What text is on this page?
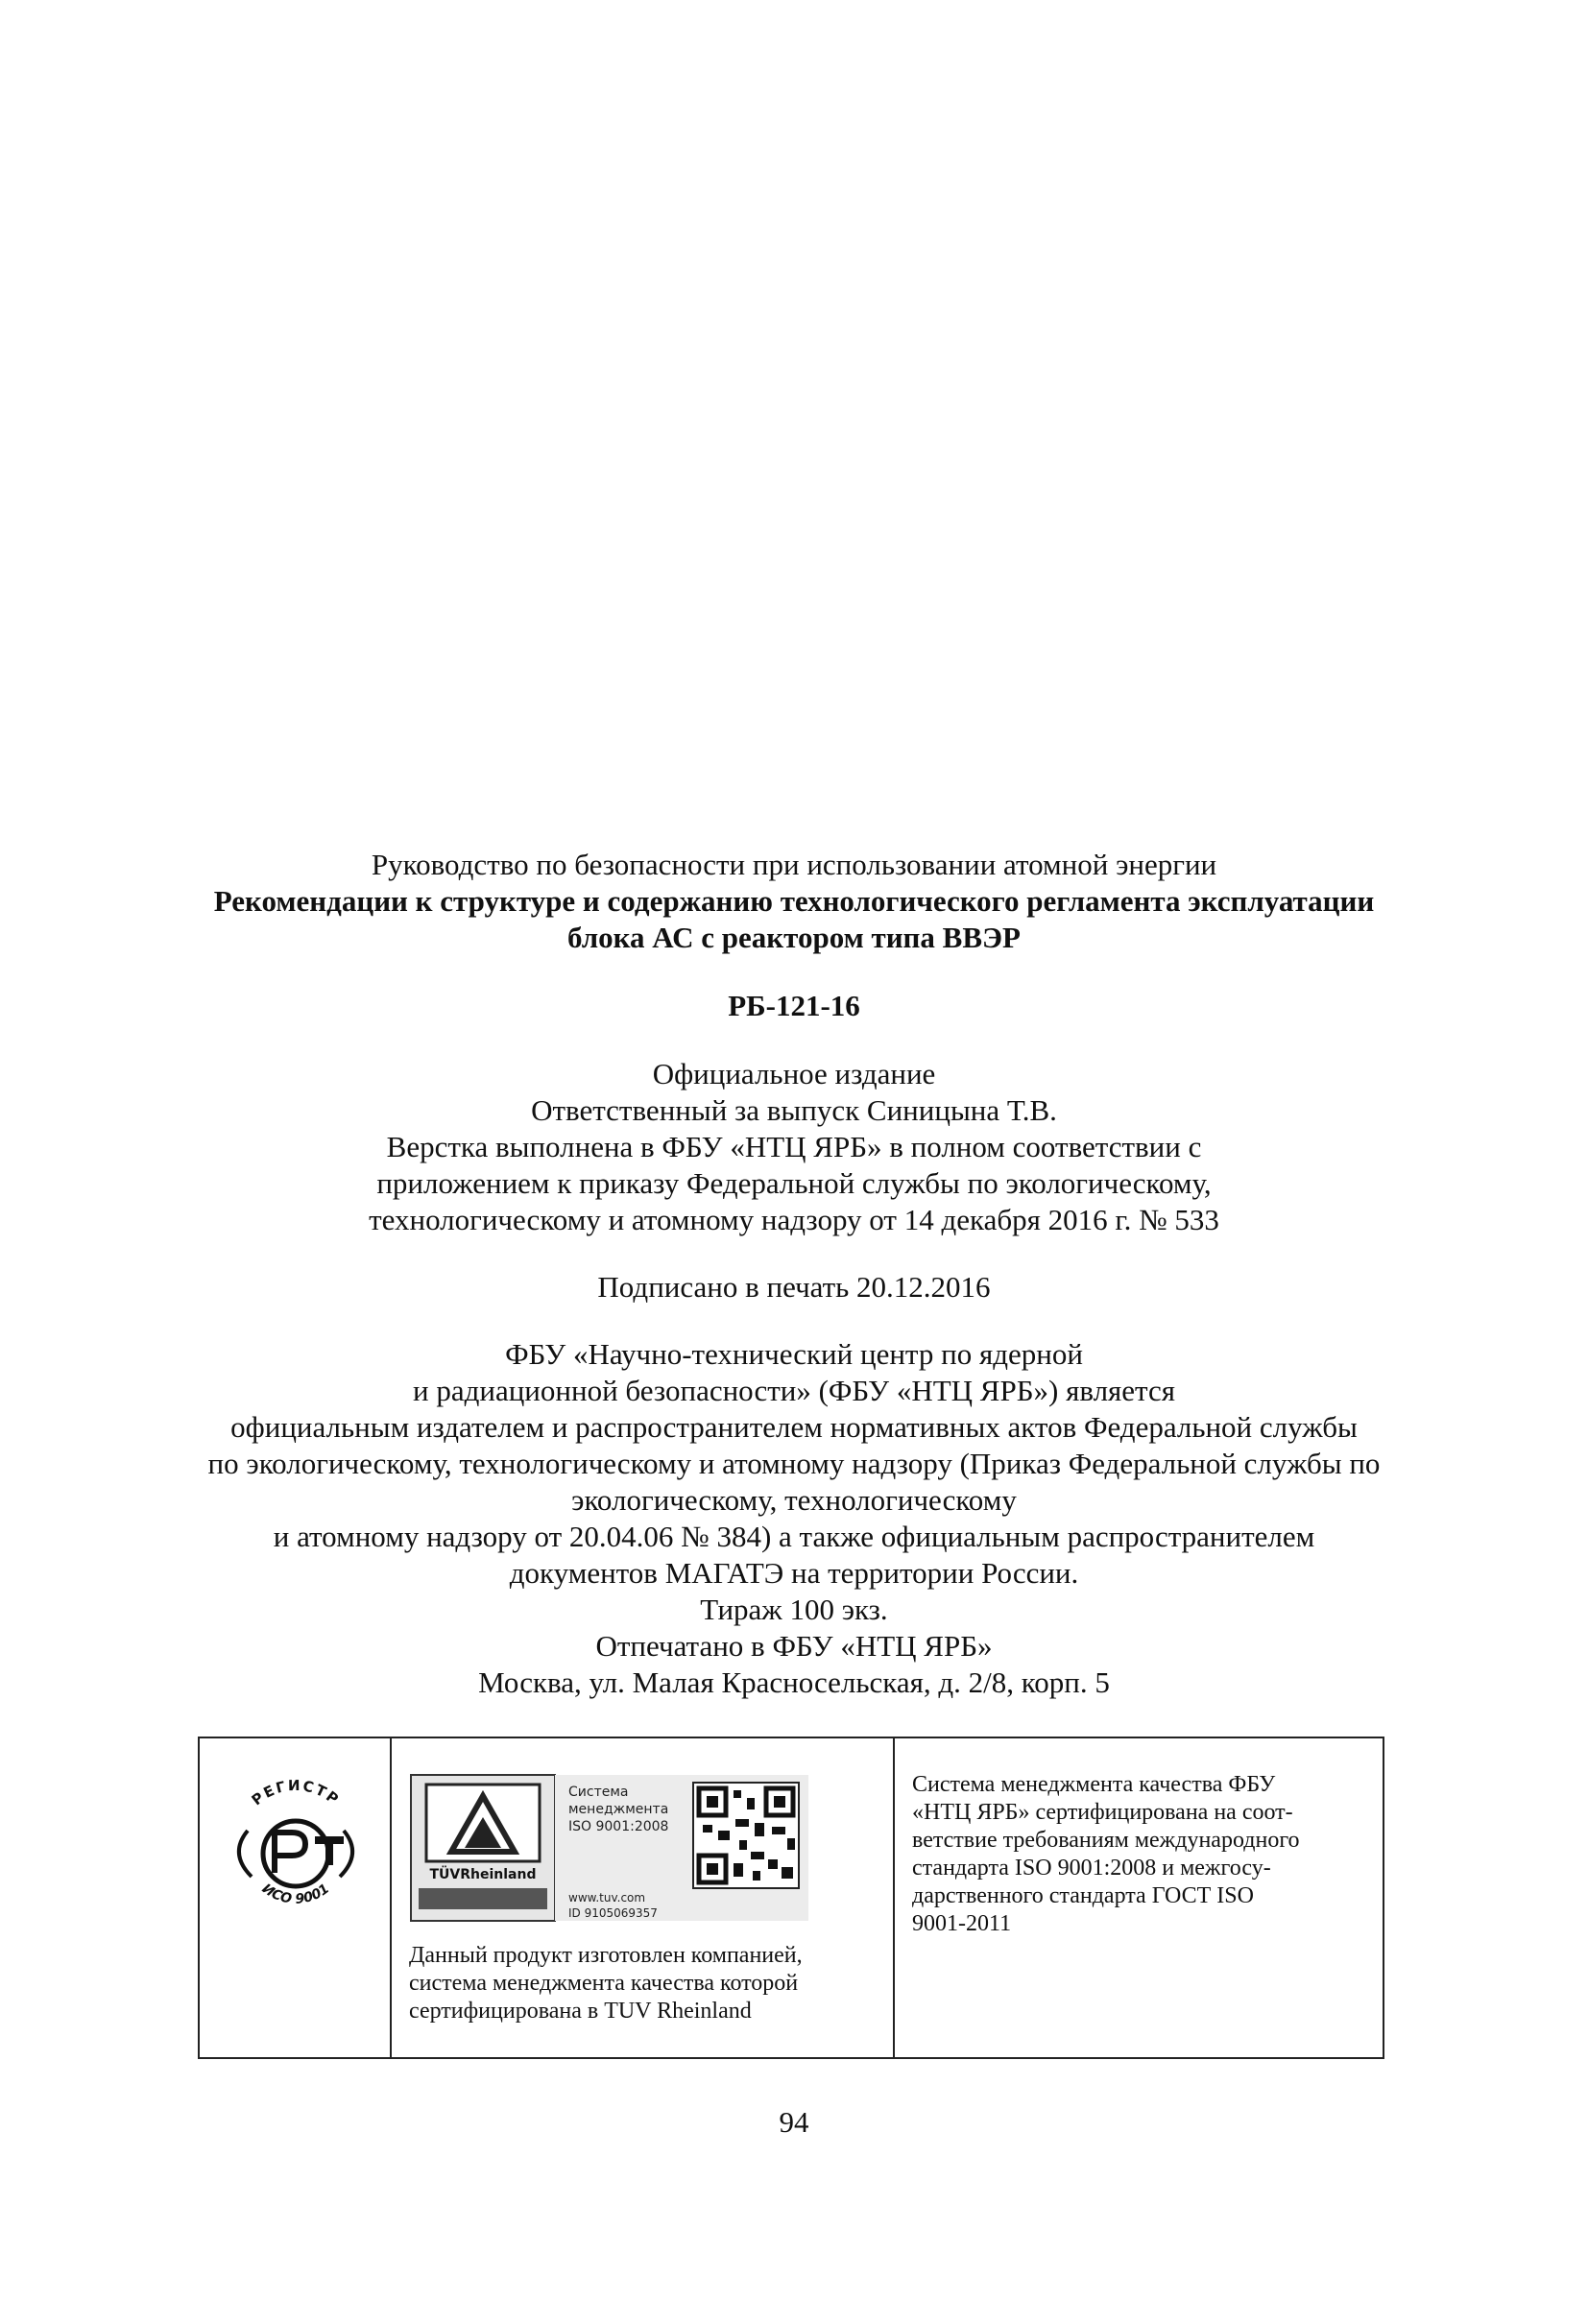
Руководство по безопасности при использовании атомной энергии
Рекомендации к структуре и содержанию технологического регламента эксплуатации
блока АС с реактором типа ВВЭР
РБ-121-16
Официальное издание
Ответственный за выпуск Синицына Т.В.
Верстка выполнена в ФБУ «НТЦ ЯРБ» в полном соответствии с
приложением к приказу Федеральной службы по экологическому,
технологическому и атомному надзору от 14 декабря 2016 г. № 533
Подписано в печать 20.12.2016
ФБУ «Научно-технический центр по ядерной
и радиационной безопасности» (ФБУ «НТЦ ЯРБ») является
официальным издателем и распространителем нормативных актов Федеральной службы
по экологическому, технологическому и атомному надзору (Приказ Федеральной службы по
экологическому, технологическому
и атомному надзору от 20.04.06 № 384) а также официальным распространителем
документов МАГАТЭ на территории России.
Тираж 100 экз.
Отпечатано в ФБУ «НТЦ ЯРБ»
Москва, ул. Малая Красносельская, д. 2/8, корп. 5
РЕГИСТР
ИСО 9001
TÜVRheinland
Система
менеджмента
ISO 9001:2008
www.tuv.com
ID 9105069357
Данный продукт изготовлен компанией,
система менеджмента качества которой
сертифицирована в TUV Rheinland
Система менеджмента качества ФБУ
«НТЦ ЯРБ» сертифицирована на соот-
ветствие требованиям международного
стандарта ISO 9001:2008 и межгосу-
дарственного стандарта ГОСТ ISO
9001-2011
94
